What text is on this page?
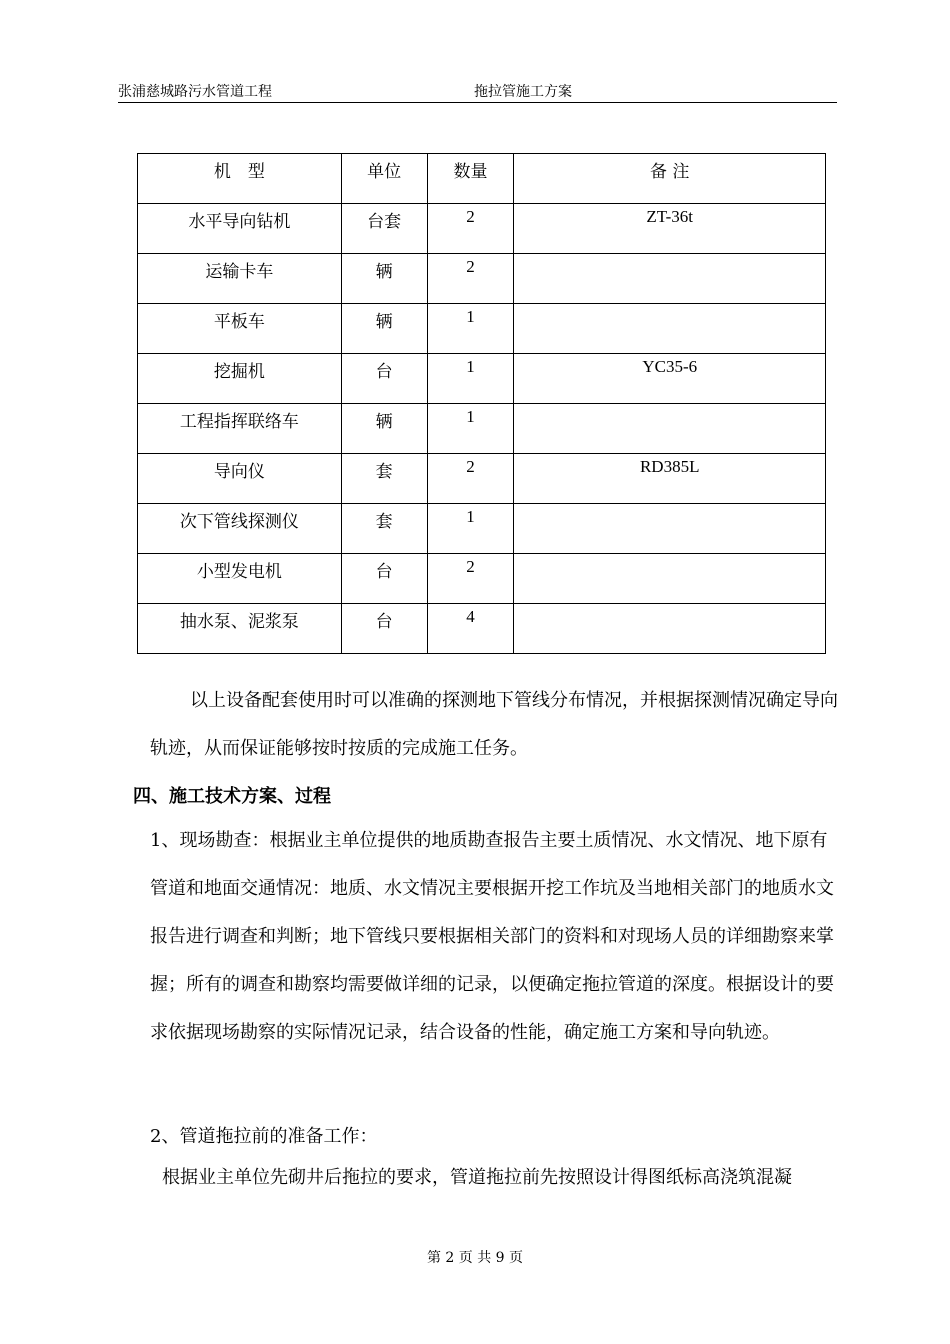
张浦慈城路污水管道工程	拖拉管施工方案
机　型	单位	数量	备 注
水平导向钻机	台套	2	ZT-36t
运输卡车	辆	2	
平板车	辆	1	
挖掘机	台	1	YC35-6
工程指挥联络车	辆	1	
导向仪	套	2	RD385L
次下管线探测仪	套	1	
小型发电机	台	2	
抽水泵、泥浆泵	台	4	
以上设备配套使用时可以准确的探测地下管线分布情况，并根据探测情况确定导向轨迹，从而保证能够按时按质的完成施工任务。
四、施工技术方案、过程
1、现场勘查：根据业主单位提供的地质勘查报告主要土质情况、水文情况、地下原有管道和地面交通情况：地质、水文情况主要根据开挖工作坑及当地相关部门的地质水文报告进行调查和判断；地下管线只要根据相关部门的资料和对现场人员的详细勘察来掌握；所有的调查和勘察均需要做详细的记录，以便确定拖拉管道的深度。根据设计的要求依据现场勘察的实际情况记录，结合设备的性能，确定施工方案和导向轨迹。
2、管道拖拉前的准备工作：
根据业主单位先砌井后拖拉的要求，管道拖拉前先按照设计得图纸标高浇筑混凝
第 2 页 共 9 页
